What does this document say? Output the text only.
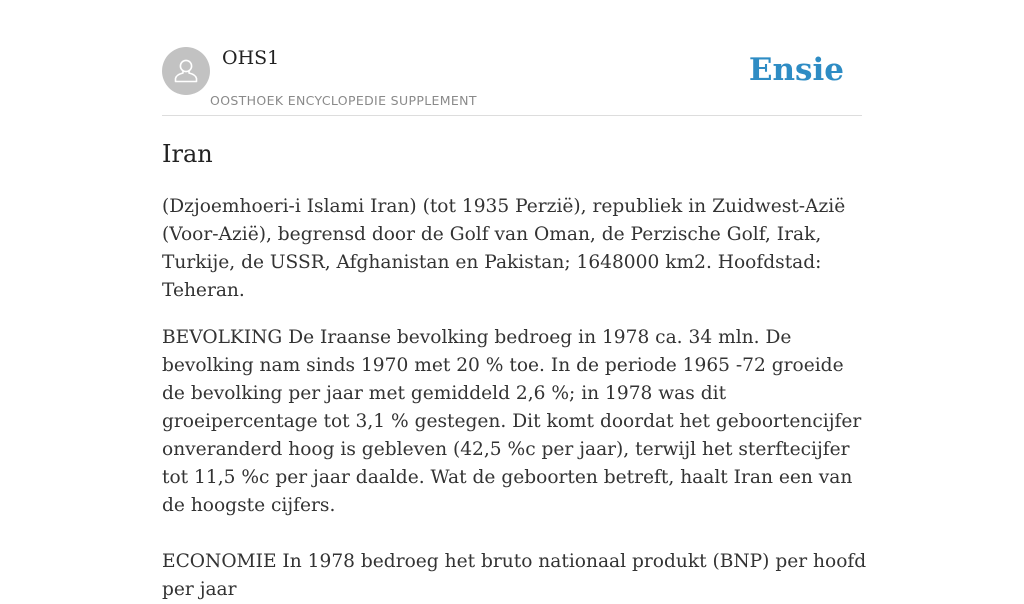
OHS1
OOSTHOEK ENCYCLOPEDIE SUPPLEMENT
Ensie
Iran

(Dzjoemhoeri-i Islami Iran) (tot 1935 Perzië), republiek in Zuidwest-Azië (Voor-Azië), begrensd door de Golf van Oman, de Perzische Golf, Irak, Turkije, de USSR, Afghanistan en Pakistan; 1648000 km2. Hoofdstad: Teheran.

BEVOLKING De Iraanse bevolking bedroeg in 1978 ca. 34 mln. De bevolking nam sinds 1970 met 20 % toe. In de periode 1965 -72 groeide de bevolking per jaar met gemiddeld 2,6 %; in 1978 was dit groeipercentage tot 3,1 % gestegen. Dit komt doordat het geboortencijfer onveranderd hoog is gebleven (42,5 %c per jaar), terwijl het sterftecijfer tot 11,5 %c per jaar daalde. Wat de geboorten betreft, haalt Iran een van de hoogste cijfers.

ECONOMIE In 1978 bedroeg het bruto nationaal produkt (BNP) per hoofd per jaar
